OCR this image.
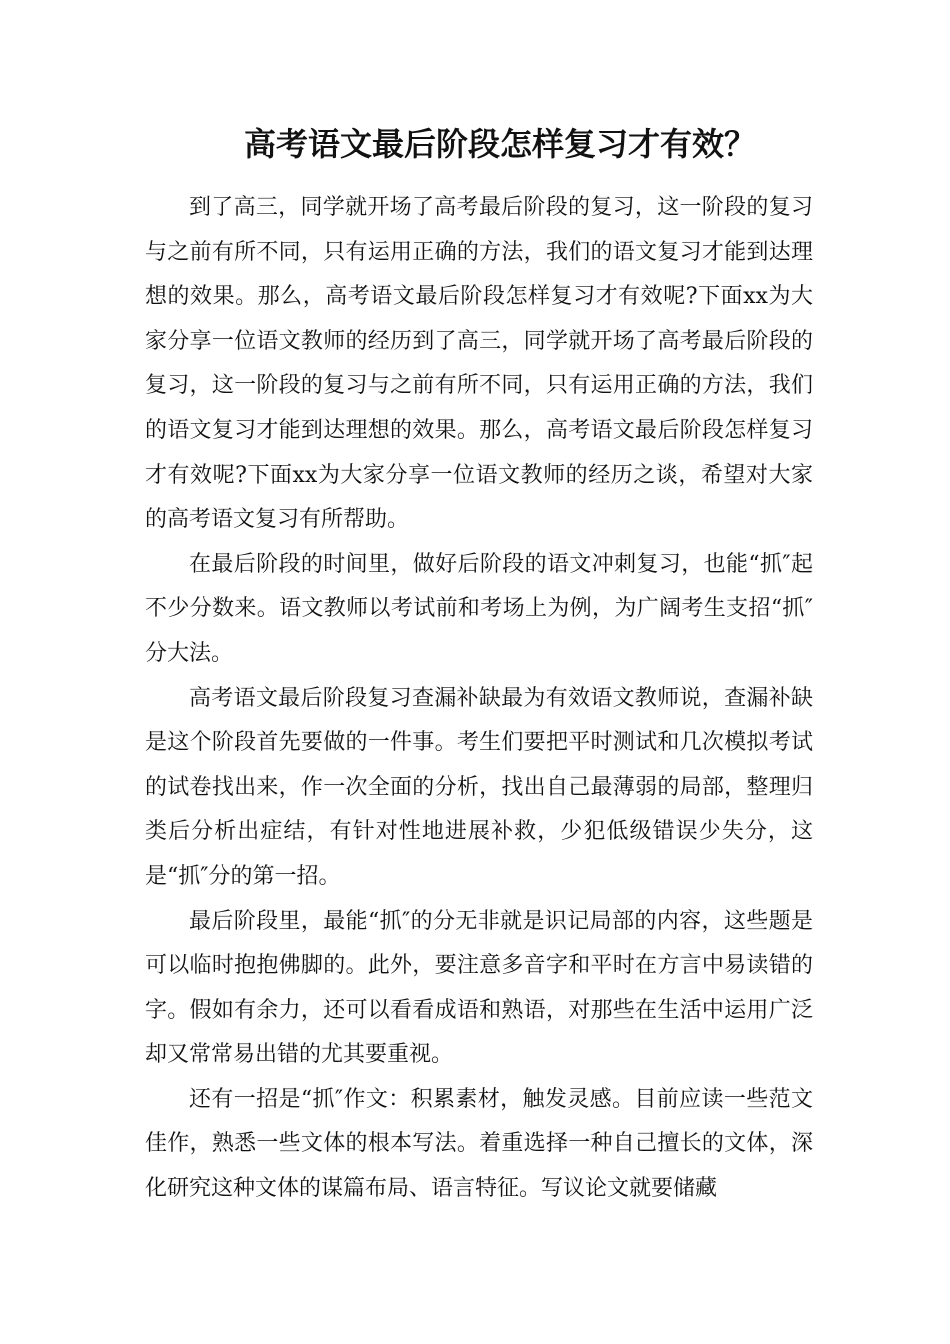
高考语文最后阶段怎样复习才有效？

到了高三，同学就开场了高考最后阶段的复习，这一阶段的复习与之前有所不同，只有运用正确的方法，我们的语文复习才能到达理想的效果。那么，高考语文最后阶段怎样复习才有效呢?下面xx为大家分享一位语文教师的经历到了高三，同学就开场了高考最后阶段的复习，这一阶段的复习与之前有所不同，只有运用正确的方法，我们的语文复习才能到达理想的效果。那么，高考语文最后阶段怎样复习才有效呢?下面xx为大家分享一位语文教师的经历之谈，希望对大家的高考语文复习有所帮助。

在最后阶段的时间里，做好后阶段的语文冲刺复习，也能“抓″起不少分数来。语文教师以考试前和考场上为例，为广阔考生支招“抓″分大法。

高考语文最后阶段复习查漏补缺最为有效语文教师说，查漏补缺是这个阶段首先要做的一件事。考生们要把平时测试和几次模拟考试的试卷找出来，作一次全面的分析，找出自己最薄弱的局部，整理归类后分析出症结，有针对性地进展补救，少犯低级错误少失分，这是“抓″分的第一招。

最后阶段里，最能“抓″的分无非就是识记局部的内容，这些题是可以临时抱抱佛脚的。此外，要注意多音字和平时在方言中易读错的字。假如有余力，还可以看看成语和熟语，对那些在生活中运用广泛却又常常易出错的尤其要重视。

还有一招是“抓″作文：积累素材，触发灵感。目前应读一些范文佳作，熟悉一些文体的根本写法。着重选择一种自己擅长的文体，深化研究这种文体的谋篇布局、语言特征。写议论文就要储藏
